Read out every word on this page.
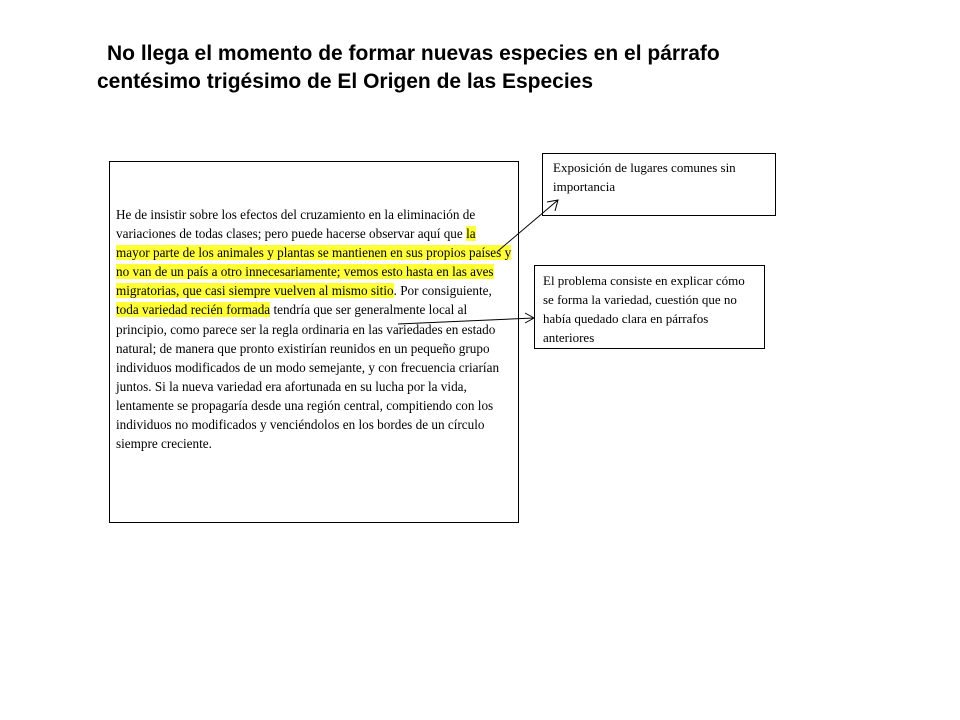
No llega el momento de formar nuevas especies en el párrafo
centésimo trigésimo de El Origen de las Especies

He de insistir sobre los efectos del cruzamiento en la eliminación de variaciones de todas clases; pero puede hacerse observar aquí que la mayor parte de los animales y plantas se mantienen en sus propios países y no van de un país a otro innecesariamente; vemos esto hasta en las aves migratorias, que casi siempre vuelven al mismo sitio. Por consiguiente, toda variedad recién formada tendría que ser generalmente local al principio, como parece ser la regla ordinaria en las variedades en estado natural; de manera que pronto existirían reunidos en un pequeño grupo individuos modificados de un modo semejante, y con frecuencia criarían juntos. Si la nueva variedad era afortunada en su lucha por la vida, lentamente se propagaría desde una región central, compitiendo con los individuos no modificados y venciéndolos en los bordes de un círculo siempre creciente.

Exposición de lugares comunes sin importancia
El problema consiste en explicar cómo se forma la variedad, cuestión que no había quedado clara en párrafos anteriores
